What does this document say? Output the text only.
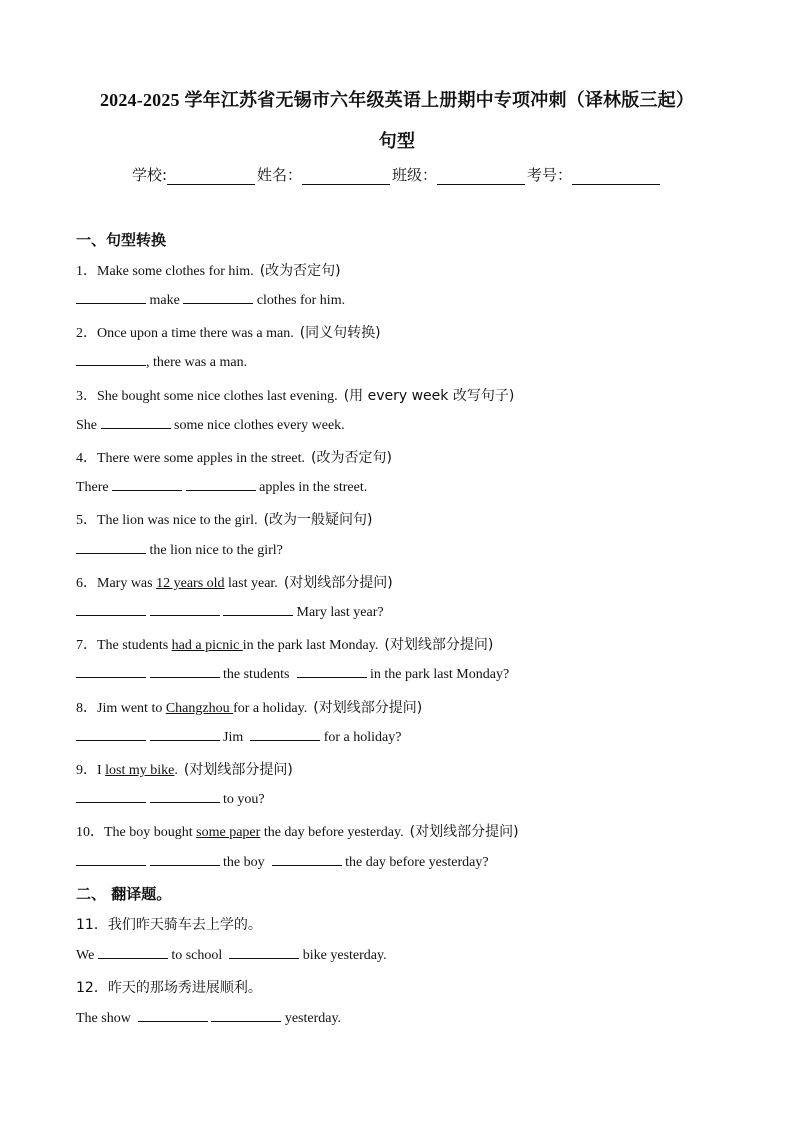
2024-2025 学年江苏省无锡市六年级英语上册期中专项冲刺（译林版三起）
句型
学校:	姓名：	班级：	考号：
一、句型转换
1．Make some clothes for him. (改为否定句)
make	clothes for him.
2．Once upon a time there was a man. (同义句转换)
, there was a man.
3．She bought some nice clothes last evening. (用 every week 改写句子)
She	some nice clothes every week.
4．There were some apples in the street. (改为否定句)
There	apples in the street.
5．The lion was nice to the girl. (改为一般疑问句)
the lion nice to the girl?
6．Mary was 12 years old last year. (对划线部分提问)
Mary last year?
7．The students had a picnic in the park last Monday. (对划线部分提问)
the students	in the park last Monday?
8．Jim went to Changzhou for a holiday. (对划线部分提问)
Jim	for a holiday?
9．I lost my bike. (对划线部分提问)
to you?
10．The boy bought some paper the day before yesterday. (对划线部分提问)
the boy	the day before yesterday?
二、 翻译题。
11．我们昨天骑车去上学的。
We	to school	bike yesterday.
12．昨天的那场秀进展顺利。
The show	yesterday.
